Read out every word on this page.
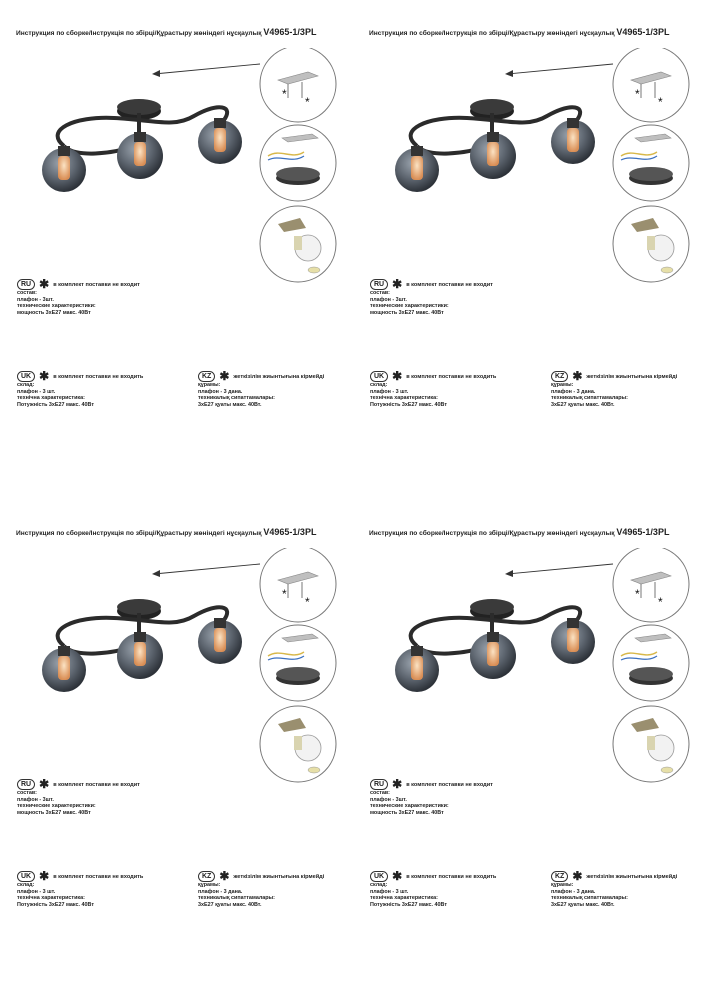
Инструкция по сборке/Інструкція по збірці/Құрастыру жөніндегі нұсқаулық V4965-1/3PL
*
*
RU ✱ в комплект поставки не входит
состав:
плафон - 3шт.
технические характеристики:
мощность 3хЕ27 макс. 40Вт
UK ✱ в комплект поставки не входить
склад:
плафон - 3 шт.
технічна характеристика:
Потужність 3хЕ27 макс. 40Вт
KZ ✱ жеткізілім жиынтығына кірмейді
құрамы:
плафон - 3 дана.
техникалық сипаттамалары:
3хЕ27 қуаты макс. 40Вт.
Инструкция по сборке/Інструкція по збірці/Құрастыру жөніндегі нұсқаулық V4965-1/3PL
*
*
RU ✱ в комплект поставки не входит
состав:
плафон - 3шт.
технические характеристики:
мощность 3хЕ27 макс. 40Вт
UK ✱ в комплект поставки не входить
склад:
плафон - 3 шт.
технічна характеристика:
Потужність 3хЕ27 макс. 40Вт
KZ ✱ жеткізілім жиынтығына кірмейді
құрамы:
плафон - 3 дана.
техникалық сипаттамалары:
3хЕ27 қуаты макс. 40Вт.
Инструкция по сборке/Інструкція по збірці/Құрастыру жөніндегі нұсқаулық V4965-1/3PL
*
*
RU ✱ в комплект поставки не входит
состав:
плафон - 3шт.
технические характеристики:
мощность 3хЕ27 макс. 40Вт
UK ✱ в комплект поставки не входить
склад:
плафон - 3 шт.
технічна характеристика:
Потужність 3хЕ27 макс. 40Вт
KZ ✱ жеткізілім жиынтығына кірмейді
құрамы:
плафон - 3 дана.
техникалық сипаттамалары:
3хЕ27 қуаты макс. 40Вт.
Инструкция по сборке/Інструкція по збірці/Құрастыру жөніндегі нұсқаулық V4965-1/3PL
*
*
RU ✱ в комплект поставки не входит
состав:
плафон - 3шт.
технические характеристики:
мощность 3хЕ27 макс. 40Вт
UK ✱ в комплект поставки не входить
склад:
плафон - 3 шт.
технічна характеристика:
Потужність 3хЕ27 макс. 40Вт
KZ ✱ жеткізілім жиынтығына кірмейді
құрамы:
плафон - 3 дана.
техникалық сипаттамалары:
3хЕ27 қуаты макс. 40Вт.
